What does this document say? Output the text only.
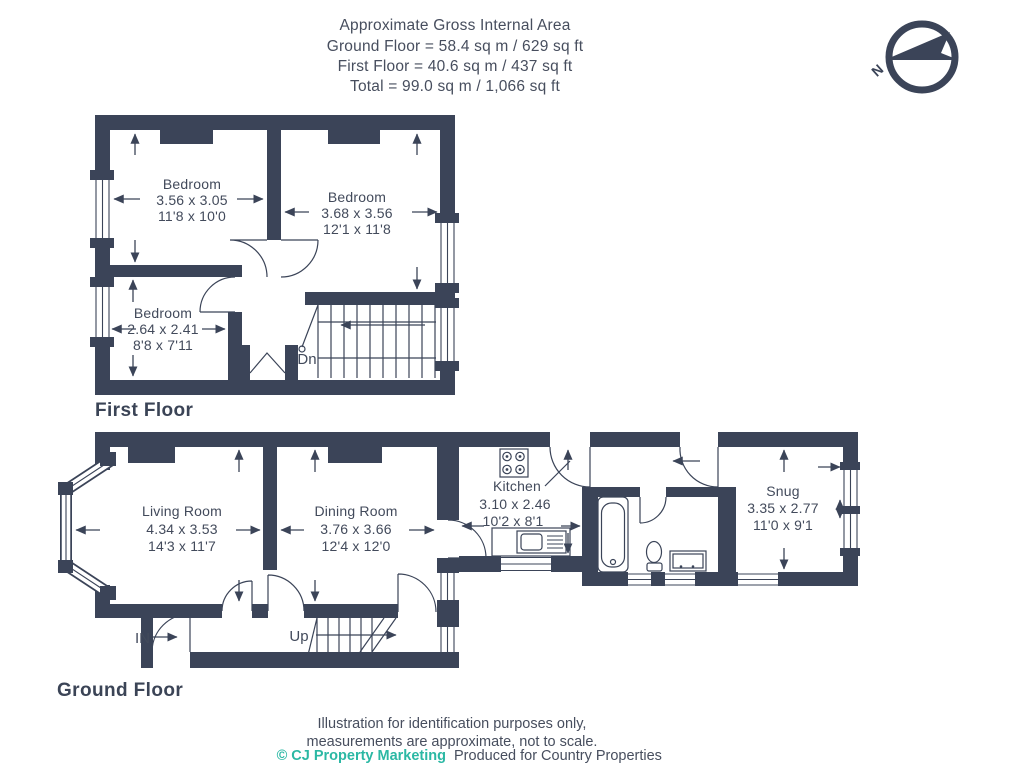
Approximate Gross Internal Area
Ground Floor = 58.4 sq m / 629 sq ft
First Floor = 40.6 sq m / 437 sq ft
Total = 99.0 sq m / 1,066 sq ft
N
Dn
Bedroom
3.56 x 3.05
11'8 x 10'0
Bedroom
3.68 x 3.56
12'1 x 11'8
Bedroom
2.64 x 2.41
8'8 x 7'11
First Floor
Up
IN
Living Room
4.34 x 3.53
14'3 x 11'7
Dining Room
3.76 x 3.66
12'4 x 12'0
Kitchen
3.10 x 2.46
10'2 x 8'1
Snug
3.35 x 2.77
11'0 x 9'1
Ground Floor
Illustration for identification purposes only,
measurements are approximate, not to scale.
© CJ Property Marketing Produced for Country Properties
